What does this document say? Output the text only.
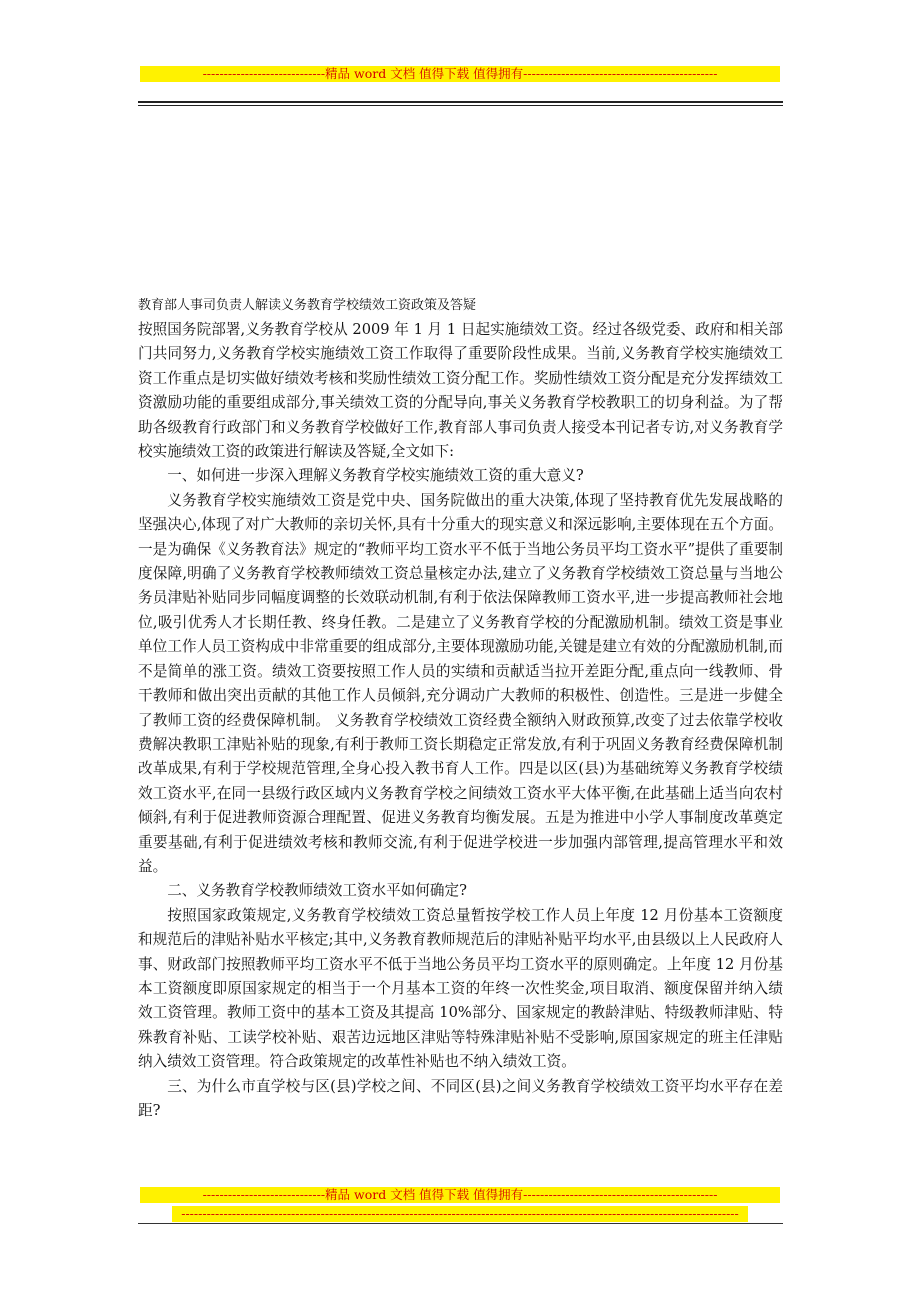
-----------------------------精品 word 文档 值得下载 值得拥有----------------------------------------------
教育部人事司负责人解读义务教育学校绩效工资政策及答疑

按照国务院部署,义务教育学校从 2009 年 1 月 1 日起实施绩效工资。经过各级党委、政府和相关部门共同努力,义务教育学校实施绩效工资工作取得了重要阶段性成果。当前,义务教育学校实施绩效工资工作重点是切实做好绩效考核和奖励性绩效工资分配工作。奖励性绩效工资分配是充分发挥绩效工资激励功能的重要组成部分,事关绩效工资的分配导向,事关义务教育学校教职工的切身利益。为了帮助各级教育行政部门和义务教育学校做好工作,教育部人事司负责人接受本刊记者专访,对义务教育学校实施绩效工资的政策进行解读及答疑,全文如下:

一、如何进一步深入理解义务教育学校实施绩效工资的重大意义?

义务教育学校实施绩效工资是党中央、国务院做出的重大决策,体现了坚持教育优先发展战略的坚强决心,体现了对广大教师的亲切关怀,具有十分重大的现实意义和深远影响,主要体现在五个方面。一是为确保《义务教育法》规定的“教师平均工资水平不低于当地公务员平均工资水平”提供了重要制度保障,明确了义务教育学校教师绩效工资总量核定办法,建立了义务教育学校绩效工资总量与当地公务员津贴补贴同步同幅度调整的长效联动机制,有利于依法保障教师工资水平,进一步提高教师社会地位,吸引优秀人才长期任教、终身任教。二是建立了义务教育学校的分配激励机制。绩效工资是事业单位工作人员工资构成中非常重要的组成部分,主要体现激励功能,关键是建立有效的分配激励机制,而不是简单的涨工资。绩效工资要按照工作人员的实绩和贡献适当拉开差距分配,重点向一线教师、骨干教师和做出突出贡献的其他工作人员倾斜,充分调动广大教师的积极性、创造性。三是进一步健全了教师工资的经费保障机制。 义务教育学校绩效工资经费全额纳入财政预算,改变了过去依靠学校收费解决教职工津贴补贴的现象,有利于教师工资长期稳定正常发放,有利于巩固义务教育经费保障机制改革成果,有利于学校规范管理,全身心投入教书育人工作。四是以区(县)为基础统筹义务教育学校绩效工资水平,在同一县级行政区域内义务教育学校之间绩效工资水平大体平衡,在此基础上适当向农村倾斜,有利于促进教师资源合理配置、促进义务教育均衡发展。五是为推进中小学人事制度改革奠定重要基础,有利于促进绩效考核和教师交流,有利于促进学校进一步加强内部管理,提高管理水平和效益。

二、义务教育学校教师绩效工资水平如何确定?

按照国家政策规定,义务教育学校绩效工资总量暂按学校工作人员上年度 12 月份基本工资额度和规范后的津贴补贴水平核定;其中,义务教育教师规范后的津贴补贴平均水平,由县级以上人民政府人事、财政部门按照教师平均工资水平不低于当地公务员平均工资水平的原则确定。上年度 12 月份基本工资额度即原国家规定的相当于一个月基本工资的年终一次性奖金,项目取消、额度保留并纳入绩效工资管理。教师工资中的基本工资及其提高 10%部分、国家规定的教龄津贴、特级教师津贴、特殊教育补贴、工读学校补贴、艰苦边远地区津贴等特殊津贴补贴不受影响,原国家规定的班主任津贴纳入绩效工资管理。符合政策规定的改革性补贴也不纳入绩效工资。

三、为什么市直学校与区(县)学校之间、不同区(县)之间义务教育学校绩效工资平均水平存在差距?

-----------------------------精品 word 文档 值得下载 值得拥有----------------------------------------------
------------------------------------------------------------------------------------------------------------------------------------
